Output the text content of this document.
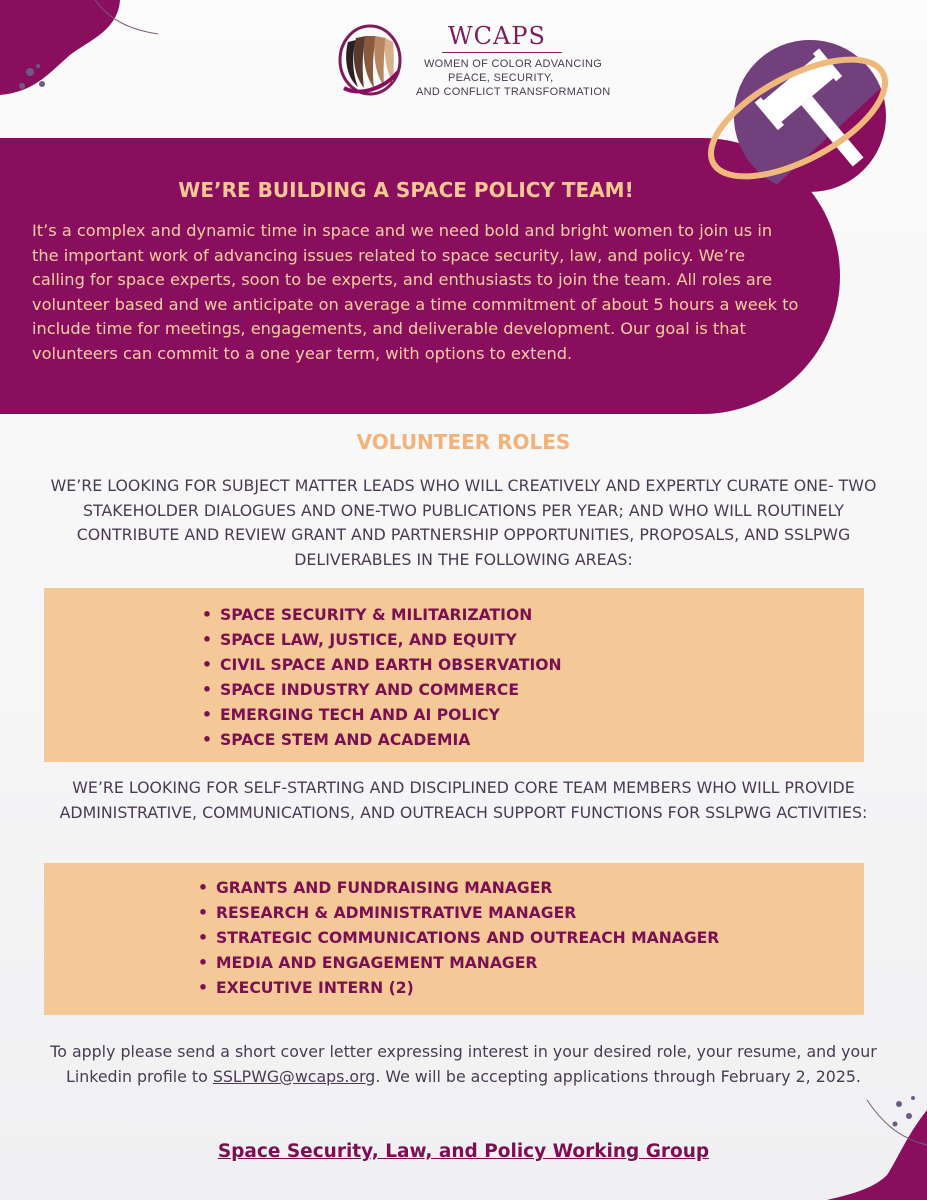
WCAPS
WOMEN OF COLOR ADVANCING
PEACE, SECURITY,
AND CONFLICT TRANSFORMATION
WE’RE BUILDING A SPACE POLICY TEAM!
It’s a complex and dynamic time in space and we need bold and bright women to join us in the important work of advancing issues related to space security, law, and policy. We’re calling for space experts, soon to be experts, and enthusiasts to join the team. All roles are volunteer based and we anticipate on average a time commitment of about 5 hours a week to include time for meetings, engagements, and deliverable development. Our goal is that volunteers can commit to a one year term, with options to extend.
VOLUNTEER ROLES
WE’RE LOOKING FOR SUBJECT MATTER LEADS WHO WILL CREATIVELY AND EXPERTLY CURATE ONE- TWO STAKEHOLDER DIALOGUES AND ONE-TWO PUBLICATIONS PER YEAR; AND WHO WILL ROUTINELY CONTRIBUTE AND REVIEW GRANT AND PARTNERSHIP OPPORTUNITIES, PROPOSALS, AND SSLPWG DELIVERABLES IN THE FOLLOWING AREAS:
• SPACE SECURITY & MILITARIZATION
• SPACE LAW, JUSTICE, AND EQUITY
• CIVIL SPACE AND EARTH OBSERVATION
• SPACE INDUSTRY AND COMMERCE
• EMERGING TECH AND AI POLICY
• SPACE STEM AND ACADEMIA
WE’RE LOOKING FOR SELF-STARTING AND DISCIPLINED CORE TEAM MEMBERS WHO WILL PROVIDE ADMINISTRATIVE, COMMUNICATIONS, AND OUTREACH SUPPORT FUNCTIONS FOR SSLPWG ACTIVITIES:
• GRANTS AND FUNDRAISING MANAGER
• RESEARCH & ADMINISTRATIVE MANAGER
• STRATEGIC COMMUNICATIONS AND OUTREACH MANAGER
• MEDIA AND ENGAGEMENT MANAGER
• EXECUTIVE INTERN (2)
To apply please send a short cover letter expressing interest in your desired role, your resume, and your Linkedin profile to SSLPWG@wcaps.org. We will be accepting applications through February 2, 2025.
Space Security, Law, and Policy Working Group
